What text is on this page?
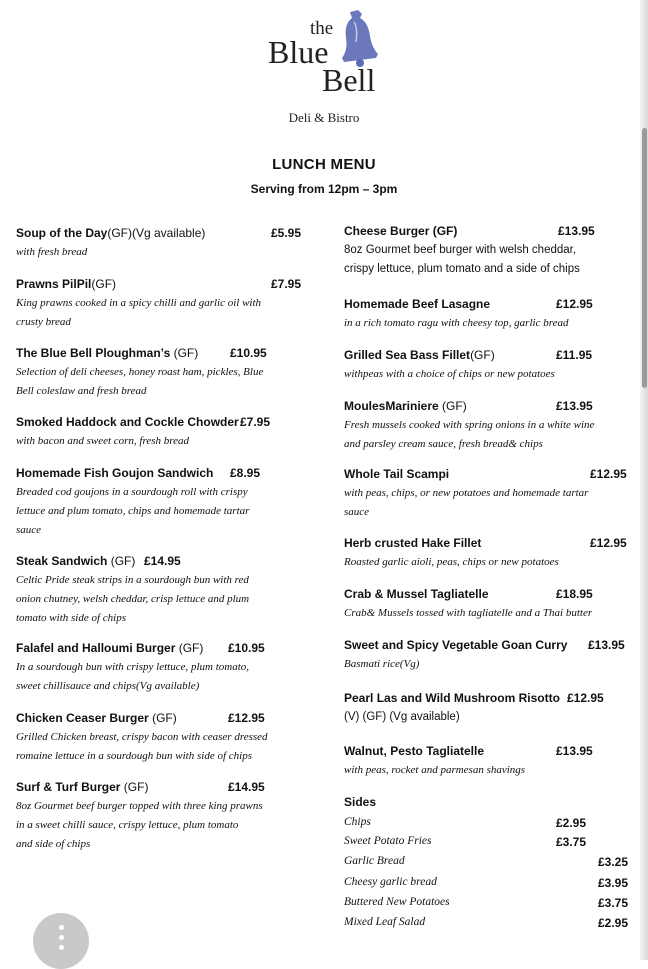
the
Blue
Bell
Deli & Bistro
LUNCH MENU
Serving from 12pm – 3pm
Soup of the Day(GF)(Vg available)	£5.95
with fresh bread
Prawns PilPil(GF)	£7.95
King prawns cooked in a spicy chilli and garlic oil with
crusty bread
The Blue Bell Ploughman’s (GF)	£10.95
Selection of deli cheeses, honey roast ham, pickles, Blue
Bell coleslaw and fresh bread
Smoked Haddock and Cockle Chowder £7.95
with bacon and sweet corn, fresh bread
Homemade Fish Goujon Sandwich £8.95
Breaded cod goujons in a sourdough roll with crispy
lettuce and plum tomato, chips and homemade tartar
sauce
Steak Sandwich (GF) £14.95
Celtic Pride steak strips in a sourdough bun with red
onion chutney, welsh cheddar, crisp lettuce and plum
tomato with side of chips
Falafel and Halloumi Burger (GF) £10.95
In a sourdough bun with crispy lettuce, plum tomato,
sweet chillisauce and chips(Vg available)
Chicken Ceaser Burger (GF)	£12.95
Grilled Chicken breast, crispy bacon with ceaser dressed
romaine lettuce in a sourdough bun with side of chips
Surf & Turf Burger (GF)	£14.95
8oz Gourmet beef burger topped with three king prawns
in a sweet chilli sauce, crispy lettuce, plum tomato
and side of chips
Cheese Burger (GF)	£13.95
8oz Gourmet beef burger with welsh cheddar,
crispy lettuce, plum tomato and a side of chips
Homemade Beef Lasagne	£12.95
in a rich tomato ragu with cheesy top, garlic bread
Grilled Sea Bass Fillet(GF)	£11.95
withpeas with a choice of chips or new potatoes
MoulesMariniere (GF)	£13.95
Fresh mussels cooked with spring onions in a white wine
and parsley cream sauce, fresh bread& chips
Whole Tail Scampi	£12.95
with peas, chips, or new potatoes and homemade tartar
sauce
Herb crusted Hake Fillet	£12.95
Roasted garlic aioli, peas, chips or new potatoes
Crab & Mussel Tagliatelle	£18.95
Crab& Mussels tossed with tagliatelle and a Thai butter
Sweet and Spicy Vegetable Goan Curry £13.95
Basmati rice(Vg)
Pearl Las and Wild Mushroom Risotto £12.95
(V) (GF) (Vg available)
Walnut, Pesto Tagliatelle	£13.95
with peas, rocket and parmesan shavings
Sides
Chips	£2.95
Sweet Potato Fries	£3.75
Garlic Bread	£3.25
Cheesy garlic bread	£3.95
Buttered New Potatoes	£3.75
Mixed Leaf Salad	£2.95
